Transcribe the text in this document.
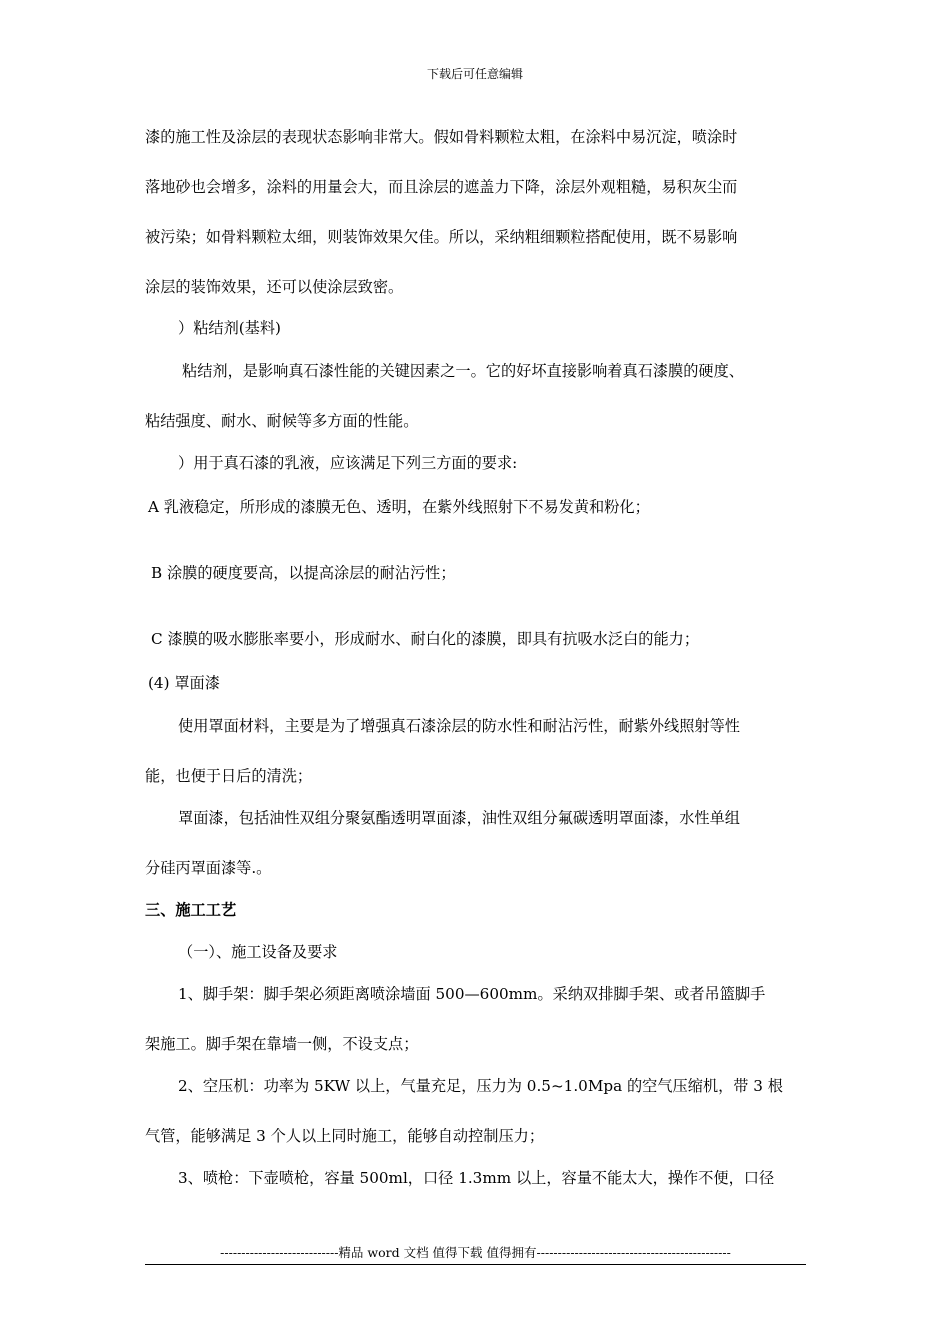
下载后可任意编辑
漆的施工性及涂层的表现状态影响非常大。假如骨料颗粒太粗，在涂料中易沉淀，喷涂时
落地砂也会增多，涂料的用量会大，而且涂层的遮盖力下降，涂层外观粗糙，易积灰尘而
被污染；如骨料颗粒太细，则装饰效果欠佳。所以，采纳粗细颗粒搭配使用，既不易影响
涂层的装饰效果，还可以使涂层致密。
）粘结剂(基料)
粘结剂，是影响真石漆性能的关键因素之一。它的好坏直接影响着真石漆膜的硬度、
粘结强度、耐水、耐候等多方面的性能。
）用于真石漆的乳液，应该满足下列三方面的要求:
A 乳液稳定，所形成的漆膜无色、透明，在紫外线照射下不易发黄和粉化；
B 涂膜的硬度要高，以提高涂层的耐沾污性；
C 漆膜的吸水膨胀率要小，形成耐水、耐白化的漆膜，即具有抗吸水泛白的能力；
(4) 罩面漆
使用罩面材料，主要是为了增强真石漆涂层的防水性和耐沾污性，耐紫外线照射等性
能，也便于日后的清洗；
罩面漆，包括油性双组分聚氨酯透明罩面漆，油性双组分氟碳透明罩面漆，水性单组
分硅丙罩面漆等.。
三、施工工艺
（一）、施工设备及要求
1、脚手架：脚手架必须距离喷涂墙面 500—600mm。采纳双排脚手架、或者吊篮脚手
架施工。脚手架在靠墙一侧，不设支点；
2、空压机：功率为 5KW 以上，气量充足，压力为 0.5~1.0Mpa 的空气压缩机，带 3 根
气管，能够满足 3 个人以上同时施工，能够自动控制压力；
3、喷枪：下壶喷枪，容量 500ml，口径 1.3mm 以上，容量不能太大，操作不便，口径
----------------------------精品 word 文档 值得下载 值得拥有----------------------------------------------
